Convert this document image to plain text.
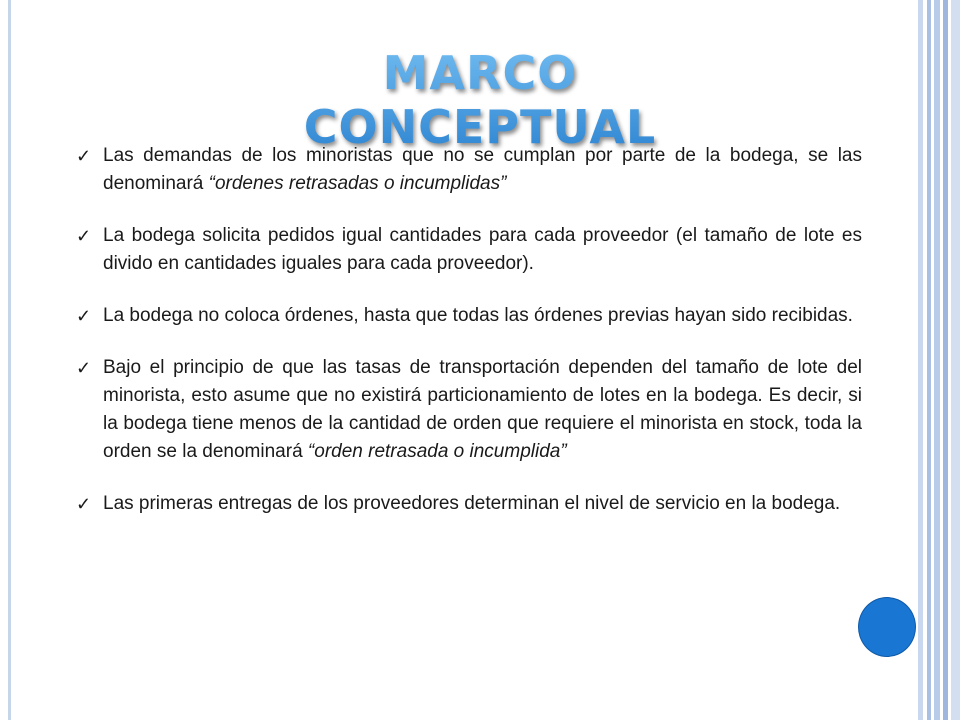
MARCO CONCEPTUAL
✓ Las demandas de los minoristas que no se cumplan por parte de la bodega, se las denominará “ordenes retrasadas o incumplidas”
✓ La bodega solicita pedidos igual cantidades para cada proveedor (el tamaño de lote es divido en cantidades iguales para cada proveedor).
✓ La bodega no coloca órdenes, hasta que todas las órdenes previas hayan sido recibidas.
✓ Bajo el principio de que las tasas de transportación dependen del tamaño de lote del minorista, esto asume que no existirá particionamiento de lotes en la bodega. Es decir, si la bodega tiene menos de la cantidad de orden que requiere el minorista en stock, toda la orden se la denominará “orden retrasada o incumplida”
✓ Las primeras entregas de los proveedores determinan el nivel de servicio en la bodega.
